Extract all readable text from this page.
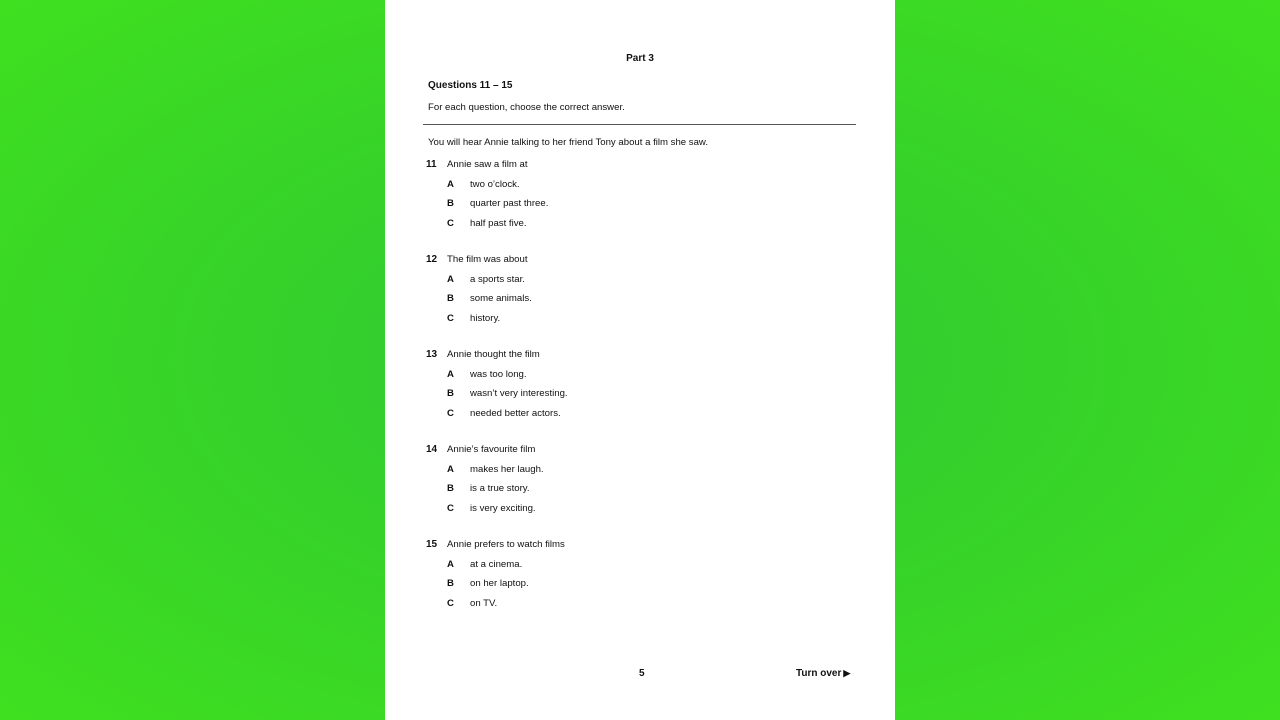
Part 3
Questions 11 – 15
For each question, choose the correct answer.
You will hear Annie talking to her friend Tony about a film she saw.
11 Annie saw a film at
A two o’clock.
B quarter past three.
C half past five.
12 The film was about
A a sports star.
B some animals.
C history.
13 Annie thought the film
A was too long.
B wasn’t very interesting.
C needed better actors.
14 Annie’s favourite film
A makes her laugh.
B is a true story.
C is very exciting.
15 Annie prefers to watch films
A at a cinema.
B on her laptop.
C on TV.
5	Turn over ▶
